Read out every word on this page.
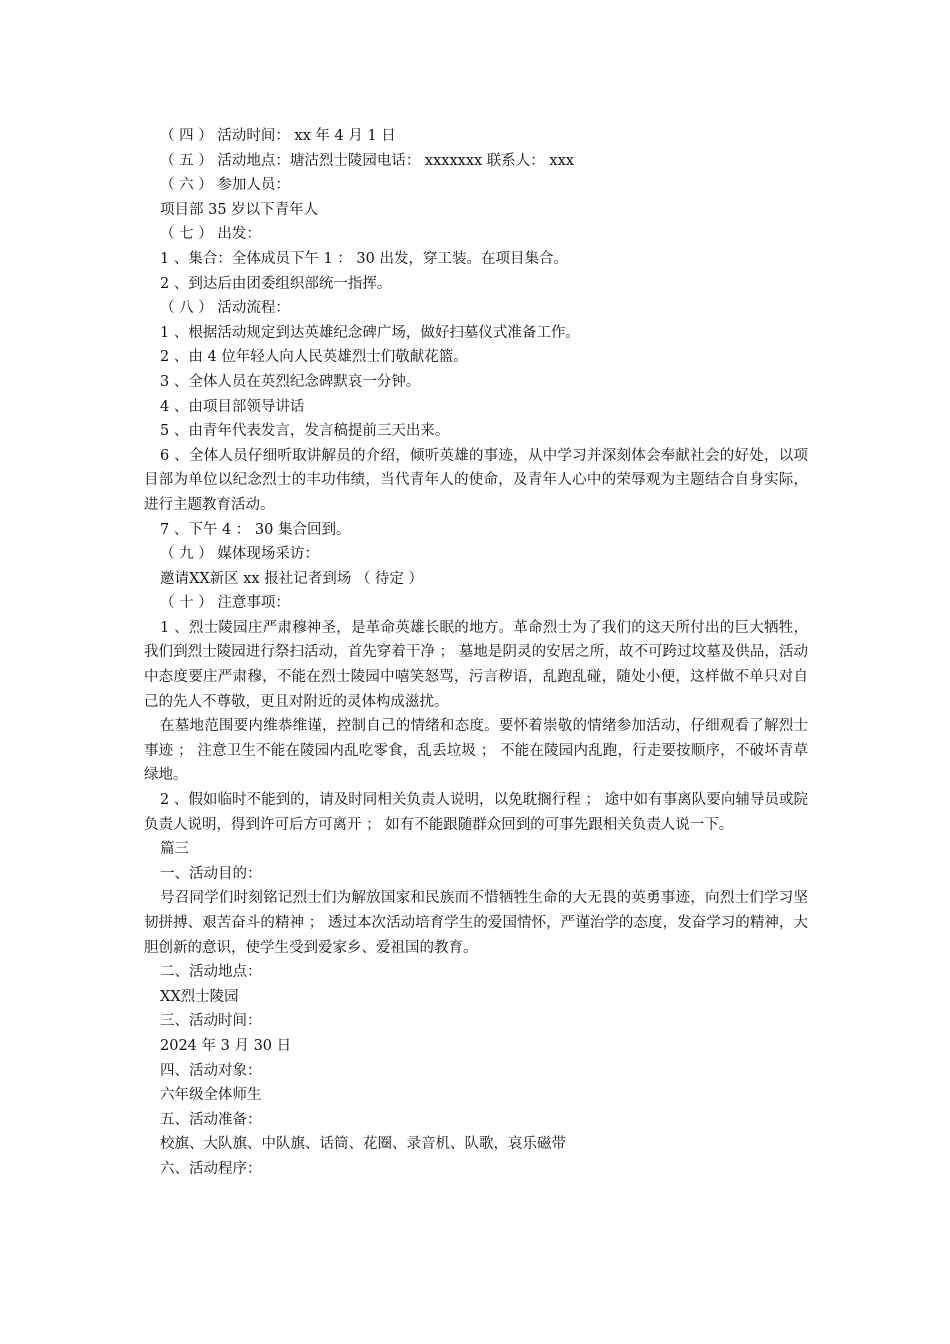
（ 四 ） 活动时间： xx 年 4 月 1 日

（ 五 ） 活动地点：塘沽烈士陵园电话： xxxxxxx 联系人： xxx

（ 六 ） 参加人员：

项目部 35 岁以下青年人

（ 七 ） 出发：

1 、集合：全体成员下午 1 ： 30 出发，穿工装。在项目集合。

2 、到达后由团委组织部统一指挥。

（ 八 ） 活动流程：

1 、根据活动规定到达英雄纪念碑广场，做好扫墓仪式准备工作。

2 、由 4 位年轻人向人民英雄烈士们敬献花篮。

3 、全体人员在英烈纪念碑默哀一分钟。

4 、由项目部领导讲话

5 、由青年代表发言，发言稿提前三天出来。

6 、全体人员仔细听取讲解员的介绍，倾听英雄的事迹，从中学习并深刻体会奉献社会的好处，以项目部为单位以纪念烈士的丰功伟绩，当代青年人的使命，及青年人心中的荣辱观为主题结合自身实际，进行主题教育活动。

7 、下午 4 ： 30 集合回到。

（ 九 ） 媒体现场采访：

邀请XX新区 xx 报社记者到场 （ 待定 ）

（ 十 ） 注意事项：

1 、烈士陵园庄严肃穆神圣，是革命英雄长眠的地方。革命烈士为了我们的这天所付出的巨大牺牲，我们到烈士陵园进行祭扫活动，首先穿着干净 ； 墓地是阴灵的安居之所，故不可跨过坟墓及供品，活动中态度要庄严肃穆，不能在烈士陵园中嘻笑怒骂，污言秽语，乱跑乱碰，随处小便，这样做不单只对自己的先人不尊敬，更且对附近的灵体构成滋扰。

在墓地范围要内维恭维谨，控制自己的情绪和态度。要怀着崇敬的情绪参加活动，仔细观看了解烈士事迹 ； 注意卫生不能在陵园内乱吃零食，乱丢垃圾 ； 不能在陵园内乱跑，行走要按顺序，不破坏青草绿地。

2 、假如临时不能到的，请及时同相关负责人说明，以免耽搁行程 ； 途中如有事离队要向辅导员或院负责人说明，得到许可后方可离开 ； 如有不能跟随群众回到的可事先跟相关负责人说一下。

篇三

一、活动目的：

号召同学们时刻铭记烈士们为解放国家和民族而不惜牺牲生命的大无畏的英勇事迹，向烈士们学习坚韧拼搏、艰苦奋斗的精神 ； 透过本次活动培育学生的爱国情怀，严谨治学的态度，发奋学习的精神，大胆创新的意识，使学生受到爱家乡、爱祖国的教育。

二、活动地点：

XX烈士陵园

三、活动时间：

2024 年 3 月 30 日

四、活动对象：

六年级全体师生

五、活动准备：

校旗、大队旗、中队旗、话筒、花圈、录音机、队歌，哀乐磁带

六、活动程序：
